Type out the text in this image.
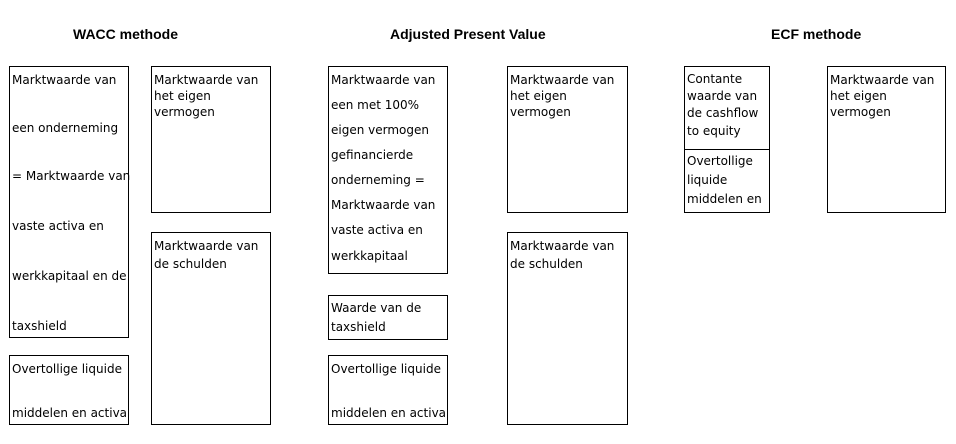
WACC methode	Adjusted Present Value	ECF methode
Marktwaarde van
een onderneming
= Marktwaarde van
vaste activa en
werkkapitaal en de
taxshield
Overtollige liquide
middelen en activa
Marktwaarde van
het eigen
vermogen
Marktwaarde van
de schulden
Marktwaarde van
een met 100%
eigen vermogen
gefinancierde
onderneming =
Marktwaarde van
vaste activa en
werkkapitaal
Waarde van de
taxshield
Overtollige liquide
middelen en activa
Marktwaarde van
het eigen
vermogen
Marktwaarde van
de schulden
Contante
waarde van
de cashflow
to equity
Overtollige
liquide
middelen en
Marktwaarde van
het eigen
vermogen
